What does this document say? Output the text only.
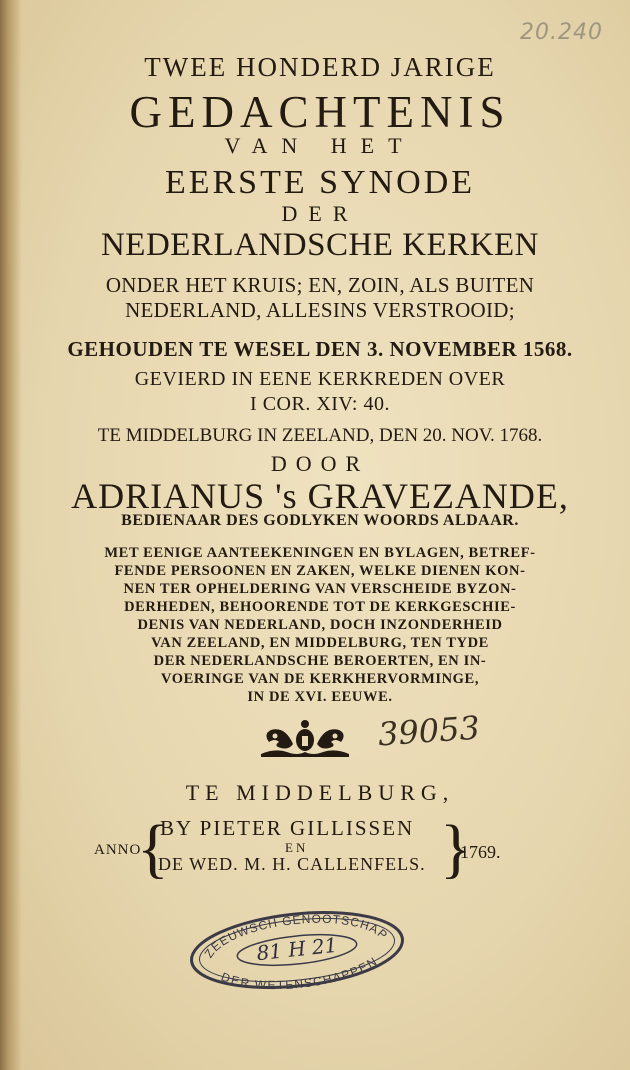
20.240
TWEE HONDERD JARIGE
GEDACHTENIS
VAN HET
EERSTE SYNODE
DER
NEDERLANDSCHE KERKEN
ONDER HET KRUIS; EN, ZOIN, ALS BUITEN
NEDERLAND, ALLESINS VERSTROOID;
GEHOUDEN TE WESEL DEN 3. NOVEMBER 1568.
GEVIERD IN EENE KERKREDEN OVER
I COR. XIV: 40.
TE MIDDELBURG IN ZEELAND, DEN 20. NOV. 1768.
DOOR
ADRIANUS 's GRAVEZANDE,
BEDIENAAR DES GODLYKEN WOORDS ALDAAR.
MET EENIGE AANTEEKENINGEN EN BYLAGEN, BETREF-
FENDE PERSOONEN EN ZAKEN, WELKE DIENEN KON-
NEN TER OPHELDERING VAN VERSCHEIDE BYZON-
DERHEDEN, BEHOORENDE TOT DE KERKGESCHIE-
DENIS VAN NEDERLAND, DOCH INZONDERHEID
VAN ZEELAND, EN MIDDELBURG, TEN TYDE
DER NEDERLANDSCHE BEROERTEN, EN IN-
VOERINGE VAN DE KERKHERVORMINGE,
IN DE XVI. EEUWE.
39053
TE MIDDELBURG,
ANNO
{
BY PIETER GILLISSEN
EN
DE WED. M. H. CALLENFELS. }
1769.
ZEEUWSCH GENOOTSCHAP
DER WETENSCHAPPEN
81 H 21
